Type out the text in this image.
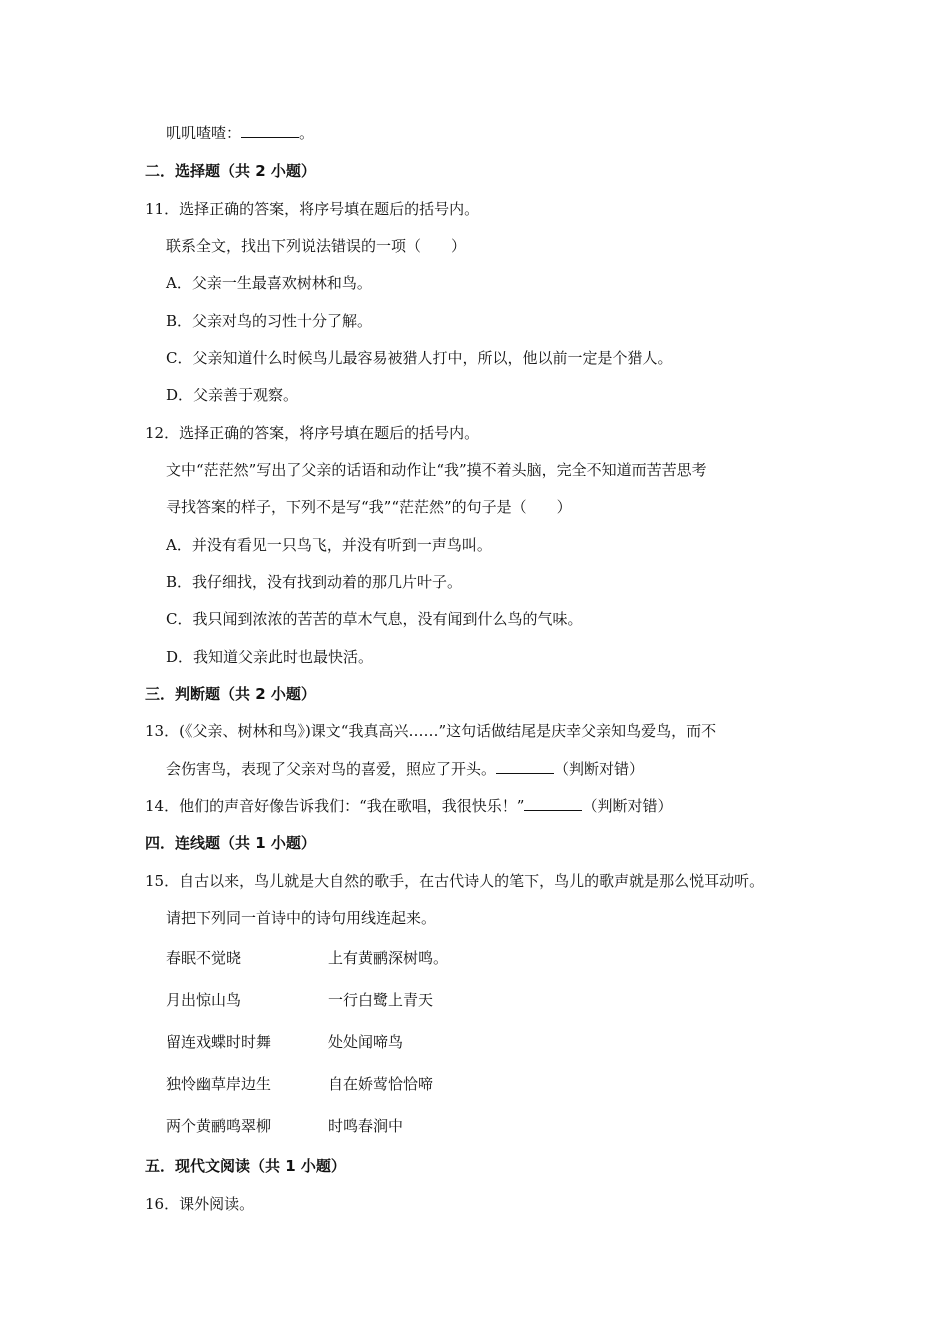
叽叽喳喳：	。
二．选择题（共 2 小题）
11．选择正确的答案，将序号填在题后的括号内。
联系全文，找出下列说法错误的一项（　　）
A．父亲一生最喜欢树林和鸟。
B．父亲对鸟的习性十分了解。
C．父亲知道什么时候鸟儿最容易被猎人打中，所以，他以前一定是个猎人。
D．父亲善于观察。
12．选择正确的答案，将序号填在题后的括号内。
文中“茫茫然”写出了父亲的话语和动作让“我”摸不着头脑，完全不知道而苦苦思考
寻找答案的样子，下列不是写“我”“茫茫然”的句子是（　　）
A．并没有看见一只鸟飞，并没有听到一声鸟叫。
B．我仔细找，没有找到动着的那几片叶子。
C．我只闻到浓浓的苦苦的草木气息，没有闻到什么鸟的气味。
D．我知道父亲此时也最快活。
三．判断题（共 2 小题）
13．(《父亲、树林和鸟》)课文“我真高兴……”这句话做结尾是庆幸父亲知鸟爱鸟，而不
会伤害鸟，表现了父亲对鸟的喜爱，照应了开头。	（判断对错）
14．他们的声音好像告诉我们：“我在歌唱，我很快乐！”	（判断对错）
四．连线题（共 1 小题）
15．自古以来，鸟儿就是大自然的歌手，在古代诗人的笔下，鸟儿的歌声就是那么悦耳动听。
请把下列同一首诗中的诗句用线连起来。
春眠不觉晓	上有黄鹂深树鸣。
月出惊山鸟	一行白鹭上青天
留连戏蝶时时舞	处处闻啼鸟
独怜幽草岸边生	自在娇莺恰恰啼
两个黄鹂鸣翠柳	时鸣春涧中
五．现代文阅读（共 1 小题）
16．课外阅读。
